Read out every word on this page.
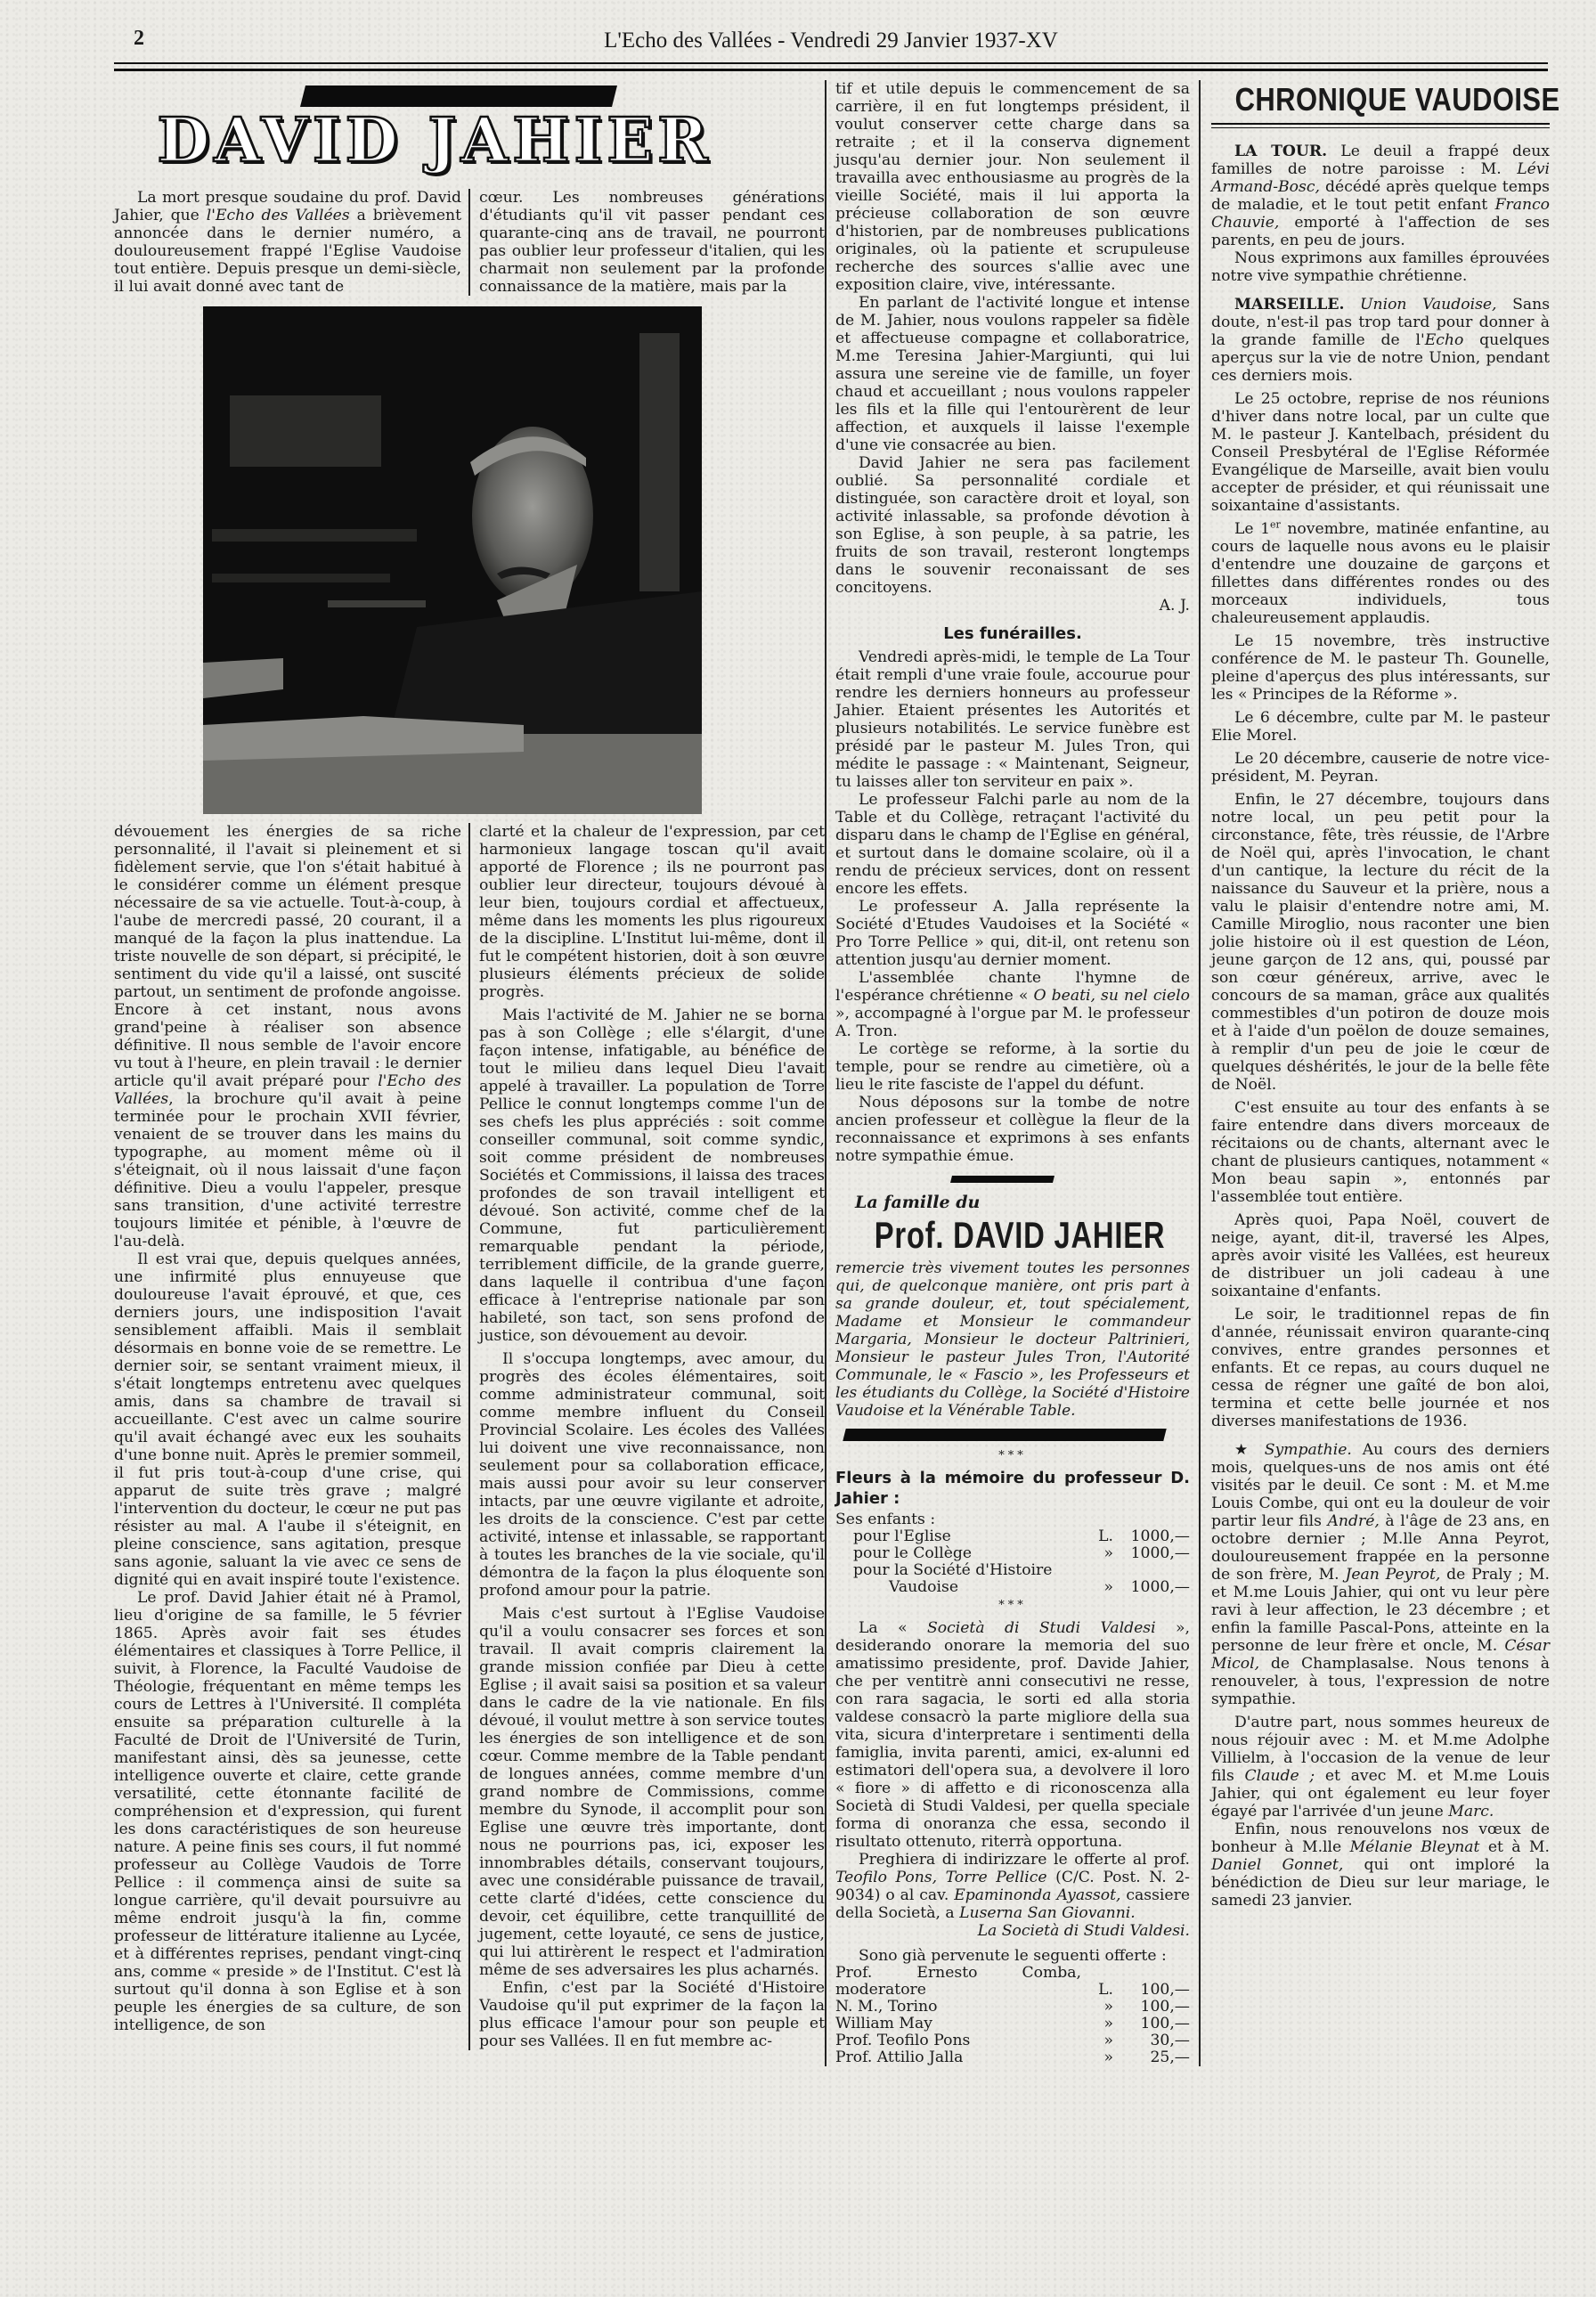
2	L'Echo des Vallées - Vendredi 29 Janvier 1937-XV
DAVID JAHIER

La mort presque soudaine du prof. David Jahier, que l'Echo des Vallées a brièvement annoncée dans le dernier numéro, a douloureusement frappé l'Eglise Vaudoise tout entière. Depuis presque un demi-siècle, il lui avait donné avec tant de

cœur. Les nombreuses générations d'étudiants qu'il vit passer pendant ces quarante-cinq ans de travail, ne pourront pas oublier leur professeur d'italien, qui les charmait non seulement par la profonde connaissance de la matière, mais par la

dévouement les énergies de sa riche personnalité, il l'avait si pleinement et si fidèlement servie, que l'on s'était habitué à le considérer comme un élément presque nécessaire de sa vie actuelle. Tout-à-coup, à l'aube de mercredi passé, 20 courant, il a manqué de la façon la plus inattendue. La triste nouvelle de son départ, si précipité, le sentiment du vide qu'il a laissé, ont suscité partout, un sentiment de profonde angoisse. Encore à cet instant, nous avons grand'peine à réaliser son absence définitive. Il nous semble de l'avoir encore vu tout à l'heure, en plein travail : le dernier article qu'il avait préparé pour l'Echo des Vallées, la brochure qu'il avait à peine terminée pour le prochain XVII février, venaient de se trouver dans les mains du typographe, au moment même où il s'éteignait, où il nous laissait d'une façon définitive. Dieu a voulu l'appeler, presque sans transition, d'une activité terrestre toujours limitée et pénible, à l'œuvre de l'au-delà.

Il est vrai que, depuis quelques années, une infirmité plus ennuyeuse que douloureuse l'avait éprouvé, et que, ces derniers jours, une indisposition l'avait sensiblement affaibli. Mais il semblait désormais en bonne voie de se remettre. Le dernier soir, se sentant vraiment mieux, il s'était longtemps entretenu avec quelques amis, dans sa chambre de travail si accueillante. C'est avec un calme sourire qu'il avait échangé avec eux les souhaits d'une bonne nuit. Après le premier sommeil, il fut pris tout-à-coup d'une crise, qui apparut de suite très grave ; malgré l'intervention du docteur, le cœur ne put pas résister au mal. A l'aube il s'éteignit, en pleine conscience, sans agitation, presque sans agonie, saluant la vie avec ce sens de dignité qui en avait inspiré toute l'existence.

Le prof. David Jahier était né à Pramol, lieu d'origine de sa famille, le 5 février 1865. Après avoir fait ses études élémentaires et classiques à Torre Pellice, il suivit, à Florence, la Faculté Vaudoise de Théologie, fréquentant en même temps les cours de Lettres à l'Université. Il compléta ensuite sa préparation culturelle à la Faculté de Droit de l'Université de Turin, manifestant ainsi, dès sa jeunesse, cette intelligence ouverte et claire, cette grande versatilité, cette étonnante facilité de compréhension et d'expression, qui furent les dons caractéristiques de son heureuse nature. A peine finis ses cours, il fut nommé professeur au Collège Vaudois de Torre Pellice : il commença ainsi de suite sa longue carrière, qu'il devait poursuivre au même endroit jusqu'à la fin, comme professeur de littérature italienne au Lycée, et à différentes reprises, pendant vingt-cinq ans, comme « preside » de l'Institut. C'est là surtout qu'il donna à son Eglise et à son peuple les énergies de sa culture, de son intelligence, de son

clarté et la chaleur de l'expression, par cet harmonieux langage toscan qu'il avait apporté de Florence ; ils ne pourront pas oublier leur directeur, toujours dévoué à leur bien, toujours cordial et affectueux, même dans les moments les plus rigoureux de la discipline. L'Institut lui-même, dont il fut le compétent historien, doit à son œuvre plusieurs éléments précieux de solide progrès.

Mais l'activité de M. Jahier ne se borna pas à son Collège ; elle s'élargit, d'une façon intense, infatigable, au bénéfice de tout le milieu dans lequel Dieu l'avait appelé à travailler. La population de Torre Pellice le connut longtemps comme l'un de ses chefs les plus appréciés : soit comme conseiller communal, soit comme syndic, soit comme président de nombreuses Sociétés et Commissions, il laissa des traces profondes de son travail intelligent et dévoué. Son activité, comme chef de la Commune, fut particulièrement remarquable pendant la période, terriblement difficile, de la grande guerre, dans laquelle il contribua d'une façon efficace à l'entreprise nationale par son habileté, son tact, son sens profond de justice, son dévouement au devoir.

Il s'occupa longtemps, avec amour, du progrès des écoles élémentaires, soit comme administrateur communal, soit comme membre influent du Conseil Provincial Scolaire. Les écoles des Vallées lui doivent une vive reconnaissance, non seulement pour sa collaboration efficace, mais aussi pour avoir su leur conserver intacts, par une œuvre vigilante et adroite, les droits de la conscience. C'est par cette activité, intense et inlassable, se rapportant à toutes les branches de la vie sociale, qu'il démontra de la façon la plus éloquente son profond amour pour la patrie.

Mais c'est surtout à l'Eglise Vaudoise qu'il a voulu consacrer ses forces et son travail. Il avait compris clairement la grande mission confiée par Dieu à cette Eglise ; il avait saisi sa position et sa valeur dans le cadre de la vie nationale. En fils dévoué, il voulut mettre à son service toutes les énergies de son intelligence et de son cœur. Comme membre de la Table pendant de longues années, comme membre d'un grand nombre de Commissions, comme membre du Synode, il accomplit pour son Eglise une œuvre très importante, dont nous ne pourrions pas, ici, exposer les innombrables détails, conservant toujours, avec une considérable puissance de travail, cette clarté d'idées, cette conscience du devoir, cet équilibre, cette tranquillité de jugement, cette loyauté, ce sens de justice, qui lui attirèrent le respect et l'admiration même de ses adversaires les plus acharnés.

Enfin, c'est par la Société d'Histoire Vaudoise qu'il put exprimer de la façon la plus efficace l'amour pour son peuple et pour ses Vallées. Il en fut membre ac-

tif et utile depuis le commencement de sa carrière, il en fut longtemps président, il voulut conserver cette charge dans sa retraite ; et il la conserva dignement jusqu'au dernier jour. Non seulement il travailla avec enthousiasme au progrès de la vieille Société, mais il lui apporta la précieuse collaboration de son œuvre d'historien, par de nombreuses publications originales, où la patiente et scrupuleuse recherche des sources s'allie avec une exposition claire, vive, intéressante.

En parlant de l'activité longue et intense de M. Jahier, nous voulons rappeler sa fidèle et affectueuse compagne et collaboratrice, M.me Teresina Jahier-Margiunti, qui lui assura une sereine vie de famille, un foyer chaud et accueillant ; nous voulons rappeler les fils et la fille qui l'entourèrent de leur affection, et auxquels il laisse l'exemple d'une vie consacrée au bien.

David Jahier ne sera pas facilement oublié. Sa personnalité cordiale et distinguée, son caractère droit et loyal, son activité inlassable, sa profonde dévotion à son Eglise, à son peuple, à sa patrie, les fruits de son travail, resteront longtemps dans le souvenir reconaissant de ses concitoyens.

A. J.
Les funérailles.

Vendredi après-midi, le temple de La Tour était rempli d'une vraie foule, accourue pour rendre les derniers honneurs au professeur Jahier. Etaient présentes les Autorités et plusieurs notabilités. Le service funèbre est présidé par le pasteur M. Jules Tron, qui médite le passage : « Maintenant, Seigneur, tu laisses aller ton serviteur en paix ».

Le professeur Falchi parle au nom de la Table et du Collège, retraçant l'activité du disparu dans le champ de l'Eglise en général, et surtout dans le domaine scolaire, où il a rendu de précieux services, dont on ressent encore les effets.

Le professeur A. Jalla représente la Société d'Etudes Vaudoises et la Société « Pro Torre Pellice » qui, dit-il, ont retenu son attention jusqu'au dernier moment.

L'assemblée chante l'hymne de l'espérance chrétienne « O beati, su nel cielo », accompagné à l'orgue par M. le professeur A. Tron.

Le cortège se reforme, à la sortie du temple, pour se rendre au cimetière, où a lieu le rite fasciste de l'appel du défunt.

Nous déposons sur la tombe de notre ancien professeur et collègue la fleur de la reconnaissance et exprimons à ses enfants notre sympathie émue.

La famille du
Prof. DAVID JAHIER
remercie très vivement toutes les personnes qui, de quelconque manière, ont pris part à sa grande douleur, et, tout spécialement, Madame et Monsieur le commandeur Margaria, Monsieur le docteur Paltrinieri, Monsieur le pasteur Jules Tron, l'Autorité Communale, le « Fascio », les Professeurs et les étudiants du Collège, la Société d'Histoire Vaudoise et la Vénérable Table.
***
Fleurs à la mémoire du professeur D. Jahier :
Ses enfants :
pour l'Eglise	L.	1000,—
pour le Collège	»	1000,—
pour la Société d'Histoire		
Vaudoise	»	1000,—
***

La « Società di Studi Valdesi », desiderando onorare la memoria del suo amatissimo presidente, prof. Davide Jahier, che per ventitrè anni consecutivi ne resse, con rara sagacia, le sorti ed alla storia valdese consacrò la parte migliore della sua vita, sicura d'interpretare i sentimenti della famiglia, invita parenti, amici, ex-alunni ed estimatori dell'opera sua, a devolvere il loro « fiore » di affetto e di riconoscenza alla Società di Studi Valdesi, per quella speciale forma di onoranza che essa, secondo il risultato ottenuto, riterrà opportuna.

Preghiera di indirizzare le offerte al prof. Teofilo Pons, Torre Pellice (C/C. Post. N. 2-9034) o al cav. Epaminonda Ayassot, cassiere della Società, a Luserna San Giovanni.

La Società di Studi Valdesi.

Sono già pervenute le seguenti offerte :

Prof. Ernesto Comba, moderatore	L.	100,—
N. M., Torino	»	100,—
William May	»	100,—
Prof. Teofilo Pons	»	30,—
Prof. Attilio Jalla	»	25,—
CHRONIQUE VAUDOISE

LA TOUR. Le deuil a frappé deux familles de notre paroisse : M. Lévi Armand-Bosc, décédé après quelque temps de maladie, et le tout petit enfant Franco Chauvie, emporté à l'affection de ses parents, en peu de jours.

Nous exprimons aux familles éprouvées notre vive sympathie chrétienne.

MARSEILLE. Union Vaudoise, Sans doute, n'est-il pas trop tard pour donner à la grande famille de l'Echo quelques aperçus sur la vie de notre Union, pendant ces derniers mois.

Le 25 octobre, reprise de nos réunions d'hiver dans notre local, par un culte que M. le pasteur J. Kantelbach, président du Conseil Presbytéral de l'Eglise Réformée Evangélique de Marseille, avait bien voulu accepter de présider, et qui réunissait une soixantaine d'assistants.

Le 1er novembre, matinée enfantine, au cours de laquelle nous avons eu le plaisir d'entendre une douzaine de garçons et fillettes dans différentes rondes ou des morceaux individuels, tous chaleureusement applaudis.

Le 15 novembre, très instructive conférence de M. le pasteur Th. Gounelle, pleine d'aperçus des plus intéressants, sur les « Principes de la Réforme ».

Le 6 décembre, culte par M. le pasteur Elie Morel.

Le 20 décembre, causerie de notre vice-président, M. Peyran.

Enfin, le 27 décembre, toujours dans notre local, un peu petit pour la circonstance, fête, très réussie, de l'Arbre de Noël qui, après l'invocation, le chant d'un cantique, la lecture du récit de la naissance du Sauveur et la prière, nous a valu le plaisir d'entendre notre ami, M. Camille Miroglio, nous raconter une bien jolie histoire où il est question de Léon, jeune garçon de 12 ans, qui, poussé par son cœur généreux, arrive, avec le concours de sa maman, grâce aux qualités commestibles d'un potiron de douze mois et à l'aide d'un poëlon de douze semaines, à remplir d'un peu de joie le cœur de quelques déshérités, le jour de la belle fête de Noël.

C'est ensuite au tour des enfants à se faire entendre dans divers morceaux de récitaions ou de chants, alternant avec le chant de plusieurs cantiques, notamment « Mon beau sapin », entonnés par l'assemblée tout entière.

Après quoi, Papa Noël, couvert de neige, ayant, dit-il, traversé les Alpes, après avoir visité les Vallées, est heureux de distribuer un joli cadeau à une soixantaine d'enfants.

Le soir, le traditionnel repas de fin d'année, réunissait environ quarante-cinq convives, entre grandes personnes et enfants. Et ce repas, au cours duquel ne cessa de régner une gaîté de bon aloi, termina et cette belle journée et nos diverses manifestations de 1936.

★ Sympathie. Au cours des derniers mois, quelques-uns de nos amis ont été visités par le deuil. Ce sont : M. et M.me Louis Combe, qui ont eu la douleur de voir partir leur fils André, à l'âge de 23 ans, en octobre dernier ; M.lle Anna Peyrot, douloureusement frappée en la personne de son frère, M. Jean Peyrot, de Praly ; M. et M.me Louis Jahier, qui ont vu leur père ravi à leur affection, le 23 décembre ; et enfin la famille Pascal-Pons, atteinte en la personne de leur frère et oncle, M. César Micol, de Champlasalse. Nous tenons à renouveler, à tous, l'expression de notre sympathie.

D'autre part, nous sommes heureux de nous réjouir avec : M. et M.me Adolphe Villielm, à l'occasion de la venue de leur fils Claude ; et avec M. et M.me Louis Jahier, qui ont également eu leur foyer égayé par l'arrivée d'un jeune Marc.

Enfin, nous renouvelons nos vœux de bonheur à M.lle Mélanie Bleynat et à M. Daniel Gonnet, qui ont imploré la bénédiction de Dieu sur leur mariage, le samedi 23 janvier.
